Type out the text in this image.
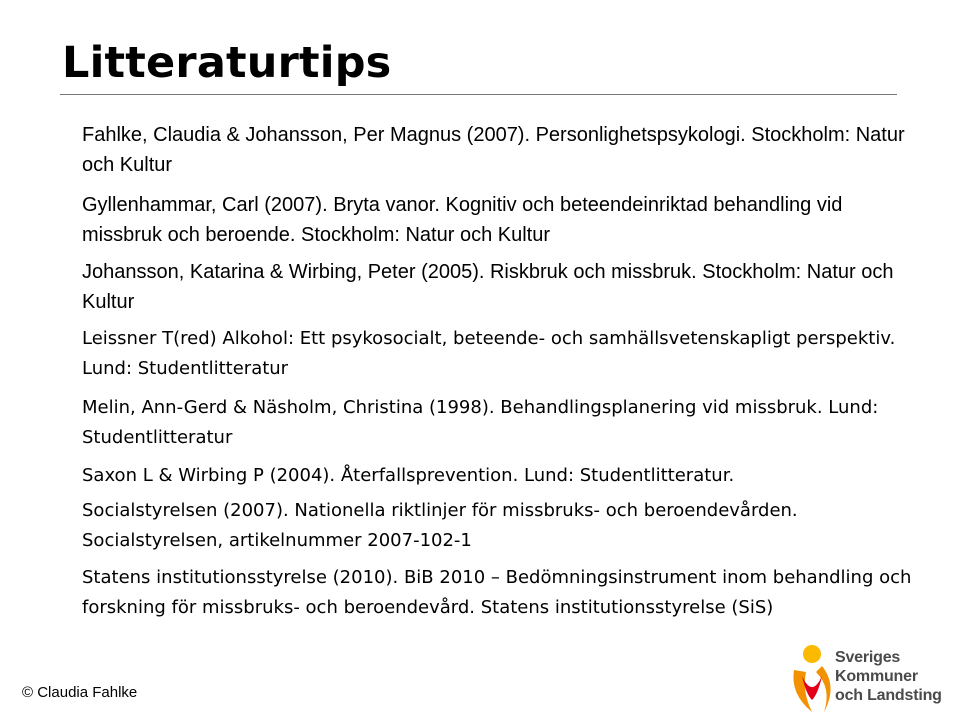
Litteraturtips

Fahlke, Claudia & Johansson, Per Magnus (2007). Personlighetspsykologi. Stockholm: Natur och Kultur

Gyllenhammar, Carl (2007). Bryta vanor. Kognitiv och beteendeinriktad behandling vid missbruk och beroende. Stockholm: Natur och Kultur

Johansson, Katarina & Wirbing, Peter (2005). Riskbruk och missbruk. Stockholm: Natur och Kultur

Leissner T(red) Alkohol: Ett psykosocialt, beteende- och samhällsvetenskapligt perspektiv. Lund: Studentlitteratur

Melin, Ann-Gerd & Näsholm, Christina (1998). Behandlingsplanering vid missbruk. Lund: Studentlitteratur

Saxon L & Wirbing P (2004). Återfallsprevention. Lund: Studentlitteratur.

Socialstyrelsen (2007). Nationella riktlinjer för missbruks- och beroendevården. Socialstyrelsen, artikelnummer 2007-102-1

Statens institutionsstyrelse (2010). BiB 2010 – Bedömningsinstrument inom behandling och forskning för missbruks- och beroendevård. Statens institutionsstyrelse (SiS)

© Claudia Fahlke
Sveriges
Kommuner
och Landsting
